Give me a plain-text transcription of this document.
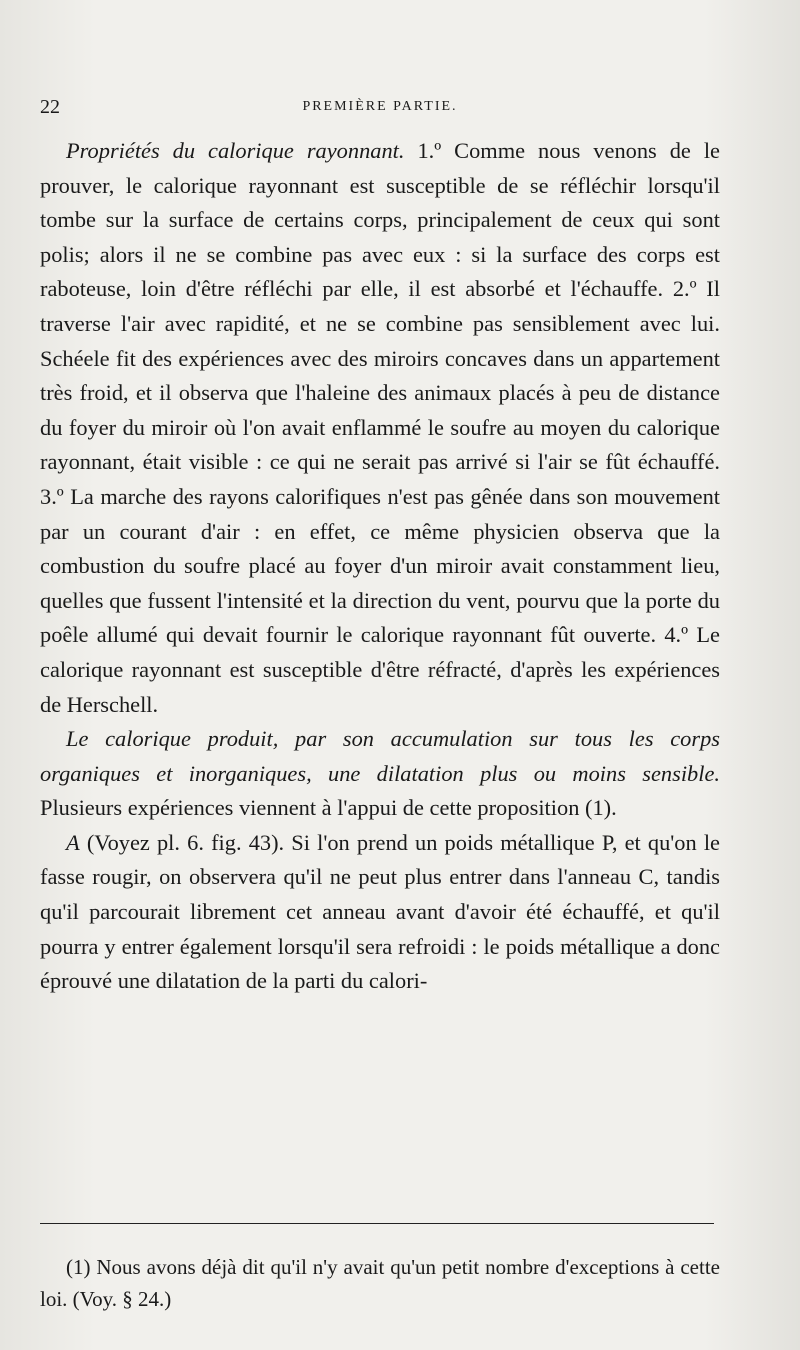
22	PREMIÈRE PARTIE.

Propriétés du calorique rayonnant. 1.º Comme nous venons de le prouver, le calorique rayonnant est susceptible de se réfléchir lorsqu'il tombe sur la surface de certains corps, principalement de ceux qui sont polis; alors il ne se combine pas avec eux : si la surface des corps est raboteuse, loin d'être réfléchi par elle, il est absorbé et l'échauffe. 2.º Il traverse l'air avec rapidité, et ne se combine pas sensiblement avec lui. Schéele fit des expériences avec des miroirs concaves dans un appartement très froid, et il observa que l'haleine des animaux placés à peu de distance du foyer du miroir où l'on avait enflammé le soufre au moyen du calorique rayonnant, était visible : ce qui ne serait pas arrivé si l'air se fût échauffé. 3.º La marche des rayons calorifiques n'est pas gênée dans son mouvement par un courant d'air : en effet, ce même physicien observa que la combustion du soufre placé au foyer d'un miroir avait constamment lieu, quelles que fussent l'intensité et la direction du vent, pourvu que la porte du poêle allumé qui devait fournir le calorique rayonnant fût ouverte. 4.º Le calorique rayonnant est susceptible d'être réfracté, d'après les expériences de Herschell.

Le calorique produit, par son accumulation sur tous les corps organiques et inorganiques, une dilatation plus ou moins sensible. Plusieurs expériences viennent à l'appui de cette proposition (1).

A (Voyez pl. 6. fig. 43). Si l'on prend un poids métallique P, et qu'on le fasse rougir, on observera qu'il ne peut plus entrer dans l'anneau C, tandis qu'il parcourait librement cet anneau avant d'avoir été échauffé, et qu'il pourra y entrer également lorsqu'il sera refroidi : le poids métallique a donc éprouvé une dilatation de la parti du calori-

(1) Nous avons déjà dit qu'il n'y avait qu'un petit nombre d'exceptions à cette loi. (Voy. § 24.)
